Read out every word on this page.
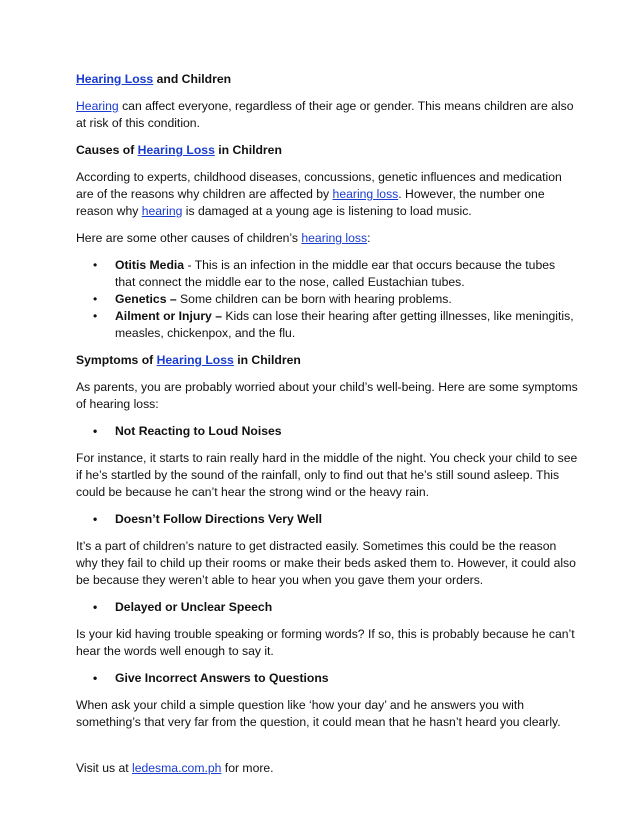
Hearing Loss and Children

Hearing can affect everyone, regardless of their age or gender. This means children are also at risk of this condition.

Causes of Hearing Loss in Children

According to experts, childhood diseases, concussions, genetic influences and medication are of the reasons why children are affected by hearing loss. However, the number one reason why hearing is damaged at a young age is listening to load music.

Here are some other causes of children’s hearing loss:

• Otitis Media - This is an infection in the middle ear that occurs because the tubes that connect the middle ear to the nose, called Eustachian tubes.
• Genetics – Some children can be born with hearing problems.
• Ailment or Injury – Kids can lose their hearing after getting illnesses, like meningitis, measles, chickenpox, and the flu.

Symptoms of Hearing Loss in Children

As parents, you are probably worried about your child’s well-being. Here are some symptoms of hearing loss:

• Not Reacting to Loud Noises

For instance, it starts to rain really hard in the middle of the night. You check your child to see if he’s startled by the sound of the rainfall, only to find out that he’s still sound asleep. This could be because he can’t hear the strong wind or the heavy rain.

• Doesn’t Follow Directions Very Well

It’s a part of children’s nature to get distracted easily. Sometimes this could be the reason why they fail to child up their rooms or make their beds asked them to. However, it could also be because they weren’t able to hear you when you gave them your orders.

• Delayed or Unclear Speech

Is your kid having trouble speaking or forming words? If so, this is probably because he can’t hear the words well enough to say it.

• Give Incorrect Answers to Questions

When ask your child a simple question like ‘how your day’ and he answers you with something’s that very far from the question, it could mean that he hasn’t heard you clearly.

Visit us at ledesma.com.ph for more.
